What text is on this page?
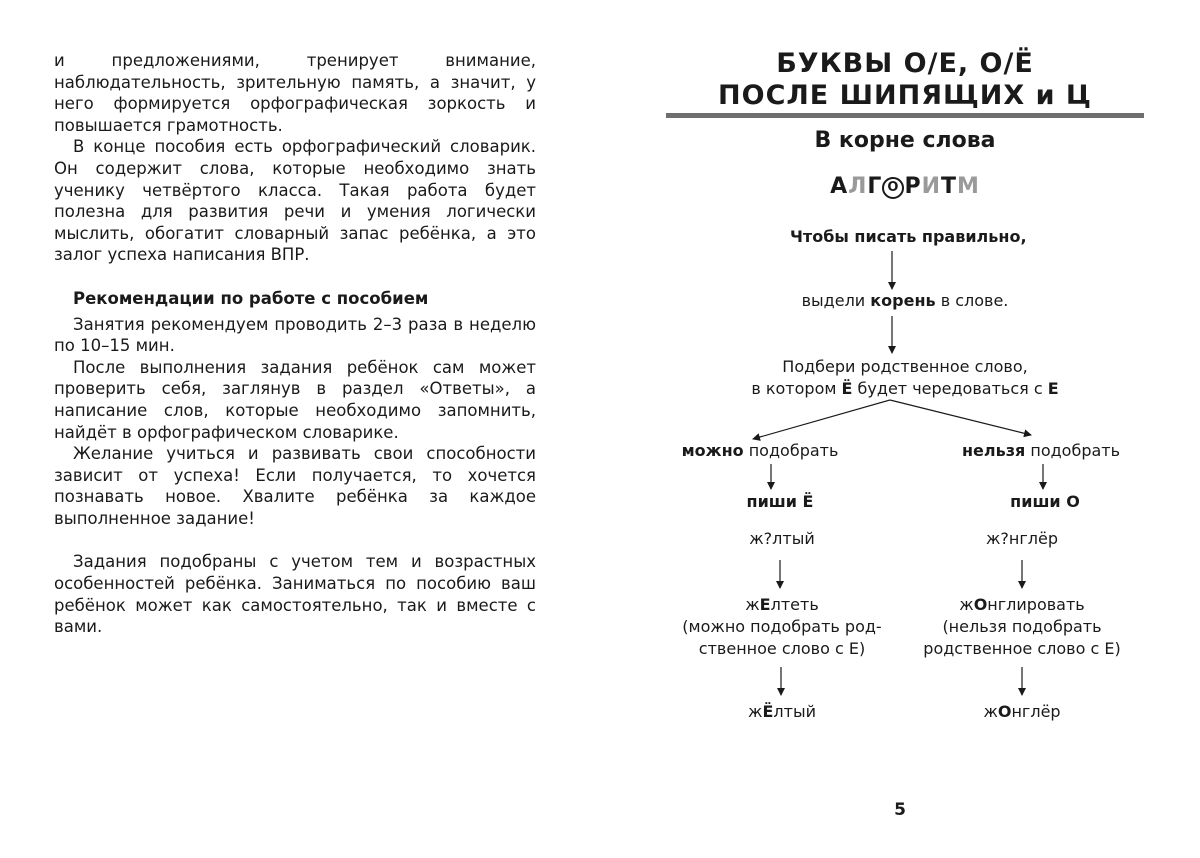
и предложениями, тренирует внимание, наблюдательность, зрительную память, а значит, у него формируется орфографическая зоркость и повышается грамотность.

В конце пособия есть орфографический словарик. Он содержит слова, которые необходимо знать ученику четвёртого класса. Такая работа будет полезна для развития речи и умения логически мыслить, обогатит словарный запас ребёнка, а это залог успеха написания ВПР.

Рекомендации по работе с пособием

Занятия рекомендуем проводить 2–3 раза в неделю по 10–15 мин.

После выполнения задания ребёнок сам может проверить себя, заглянув в раздел «Ответы», а написание слов, которые необходимо запомнить, найдёт в орфографическом словарике.

Желание учиться и развивать свои способности зависит от успеха! Если получается, то хочется познавать новое. Хвалите ребёнка за каждое выполненное задание!

Задания подобраны с учетом тем и возрастных особенностей ребёнка. Заниматься по пособию ваш ребёнок может как самостоятельно, так и вместе с вами.

БУКВЫ О/Е, О/Ё
ПОСЛЕ ШИПЯЩИХ и Ц
В корне слова
АЛГ О РИТМ
Чтобы писать правильно,
выдели корень в слове.
Подбери родственное слово,
в котором Ё будет чередоваться с Е
можно подобрать	нельзя подобрать
пиши Ё	пиши О
ж?лтый	ж?нглёр
жЕлтеть
(можно подобрать род-
ственное слово с Е)
жОнглировать
(нельзя подобрать
родственное слово с Е)
жЁлтый	жОнглёр
5
